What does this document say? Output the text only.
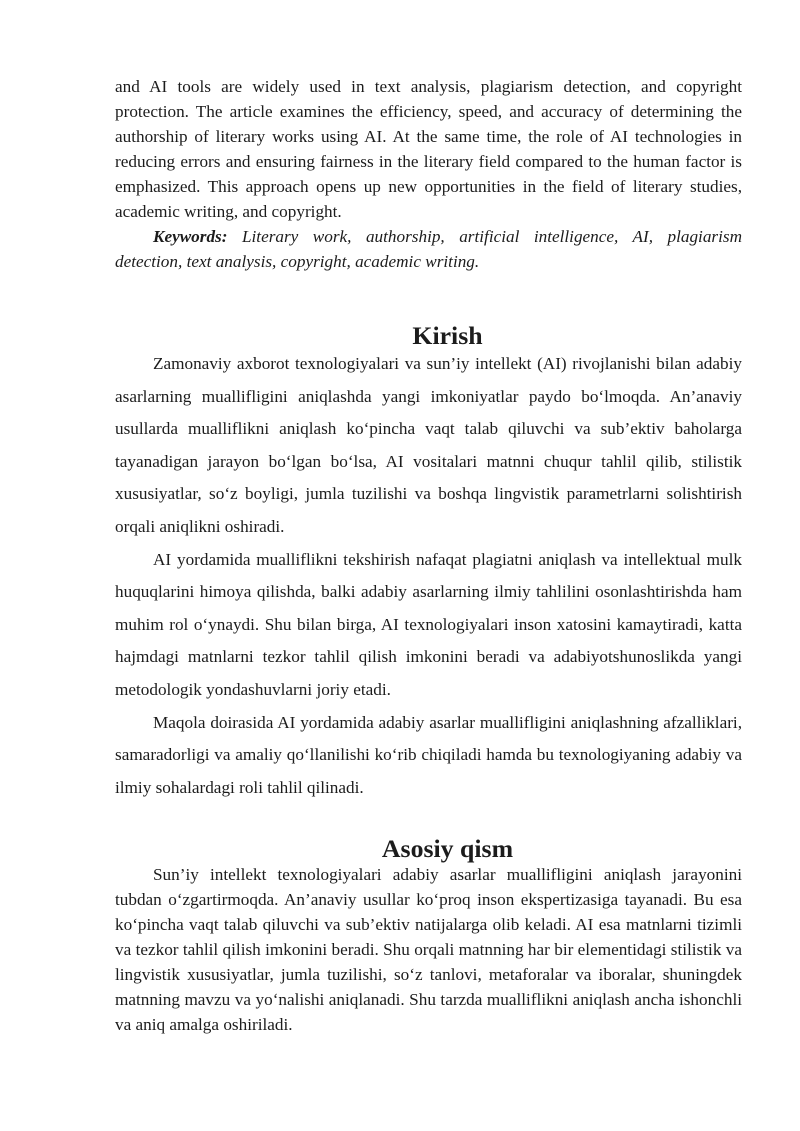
and AI tools are widely used in text analysis, plagiarism detection, and copyright protection. The article examines the efficiency, speed, and accuracy of determining the authorship of literary works using AI. At the same time, the role of AI technologies in reducing errors and ensuring fairness in the literary field compared to the human factor is emphasized. This approach opens up new opportunities in the field of literary studies, academic writing, and copyright.

Keywords: Literary work, authorship, artificial intelligence, AI, plagiarism detection, text analysis, copyright, academic writing.

Kirish

Zamonaviy axborot texnologiyalari va sun’iy intellekt (AI) rivojlanishi bilan adabiy asarlarning muallifligini aniqlashda yangi imkoniyatlar paydo bo‘lmoqda. An’anaviy usullarda mualliflikni aniqlash ko‘pincha vaqt talab qiluvchi va sub’ektiv baholarga tayanadigan jarayon bo‘lgan bo‘lsa, AI vositalari matnni chuqur tahlil qilib, stilistik xususiyatlar, so‘z boyligi, jumla tuzilishi va boshqa lingvistik parametrlarni solishtirish orqali aniqlikni oshiradi.

AI yordamida mualliflikni tekshirish nafaqat plagiatni aniqlash va intellektual mulk huquqlarini himoya qilishda, balki adabiy asarlarning ilmiy tahlilini osonlashtirishda ham muhim rol o‘ynaydi. Shu bilan birga, AI texnologiyalari inson xatosini kamaytiradi, katta hajmdagi matnlarni tezkor tahlil qilish imkonini beradi va adabiyotshunoslikda yangi metodologik yondashuvlarni joriy etadi.

Maqola doirasida AI yordamida adabiy asarlar muallifligini aniqlashning afzalliklari, samaradorligi va amaliy qo‘llanilishi ko‘rib chiqiladi hamda bu texnologiyaning adabiy va ilmiy sohalardagi roli tahlil qilinadi.

Asosiy qism

Sun’iy intellekt texnologiyalari adabiy asarlar muallifligini aniqlash jarayonini tubdan o‘zgartirmoqda. An’anaviy usullar ko‘proq inson ekspertizasiga tayanadi. Bu esa ko‘pincha vaqt talab qiluvchi va sub’ektiv natijalarga olib keladi. AI esa matnlarni tizimli va tezkor tahlil qilish imkonini beradi. Shu orqali matnning har bir elementidagi stilistik va lingvistik xususiyatlar, jumla tuzilishi, so‘z tanlovi, metaforalar va iboralar, shuningdek matnning mavzu va yo‘nalishi aniqlanadi. Shu tarzda mualliflikni aniqlash ancha ishonchli va aniq amalga oshiriladi.
